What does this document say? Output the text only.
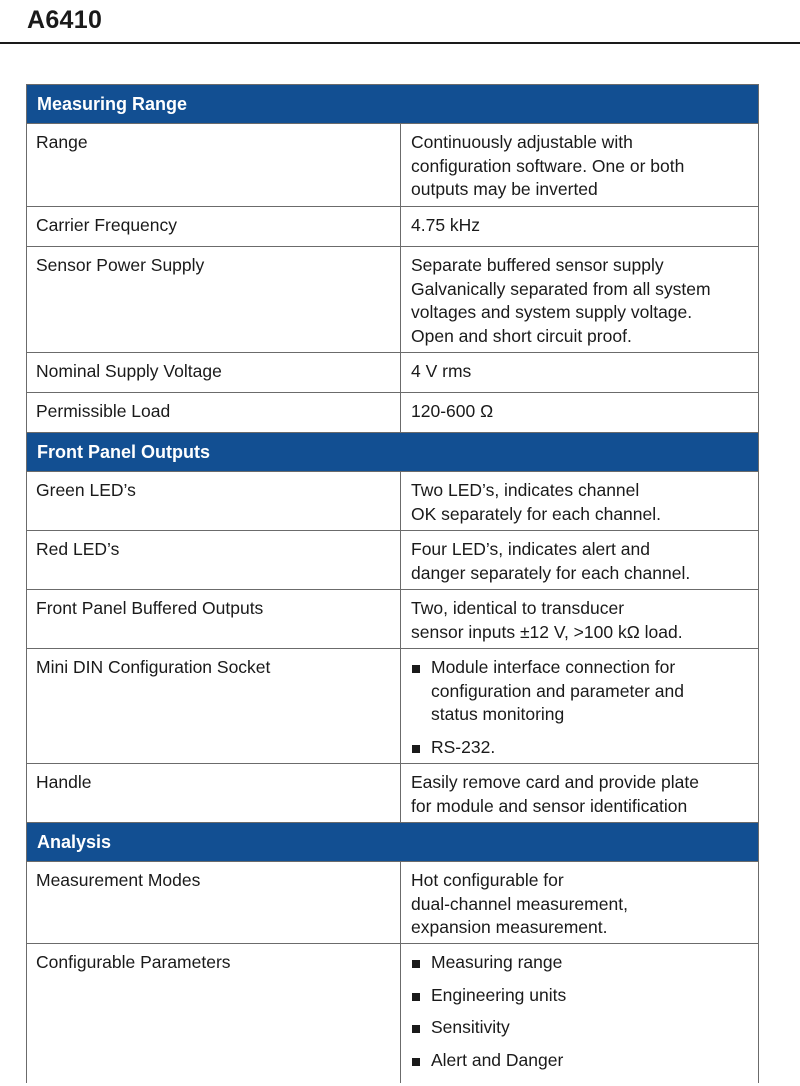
A6410
Measuring Range
Range	Continuously adjustable with
configuration software. One or both
outputs may be inverted
Carrier Frequency	4.75 kHz
Sensor Power Supply	Separate buffered sensor supply
Galvanically separated from all system
voltages and system supply voltage.
Open and short circuit proof.
Nominal Supply Voltage	4 V rms
Permissible Load	120-600 Ω
Front Panel Outputs
Green LED’s	Two LED’s, indicates channel
OK separately for each channel.
Red LED’s	Four LED’s, indicates alert and
danger separately for each channel.
Front Panel Buffered Outputs	Two, identical to transducer
sensor inputs ±12 V, >100 kΩ load.
Mini DIN Configuration Socket	Module interface connection for
configuration and parameter and
status monitoring
RS-232.
Handle	Easily remove card and provide plate
for module and sensor identification
Analysis
Measurement Modes	Hot configurable for
dual-channel measurement,
expansion measurement.
Configurable Parameters	Measuring range
Engineering units
Sensitivity
Alert and Danger
